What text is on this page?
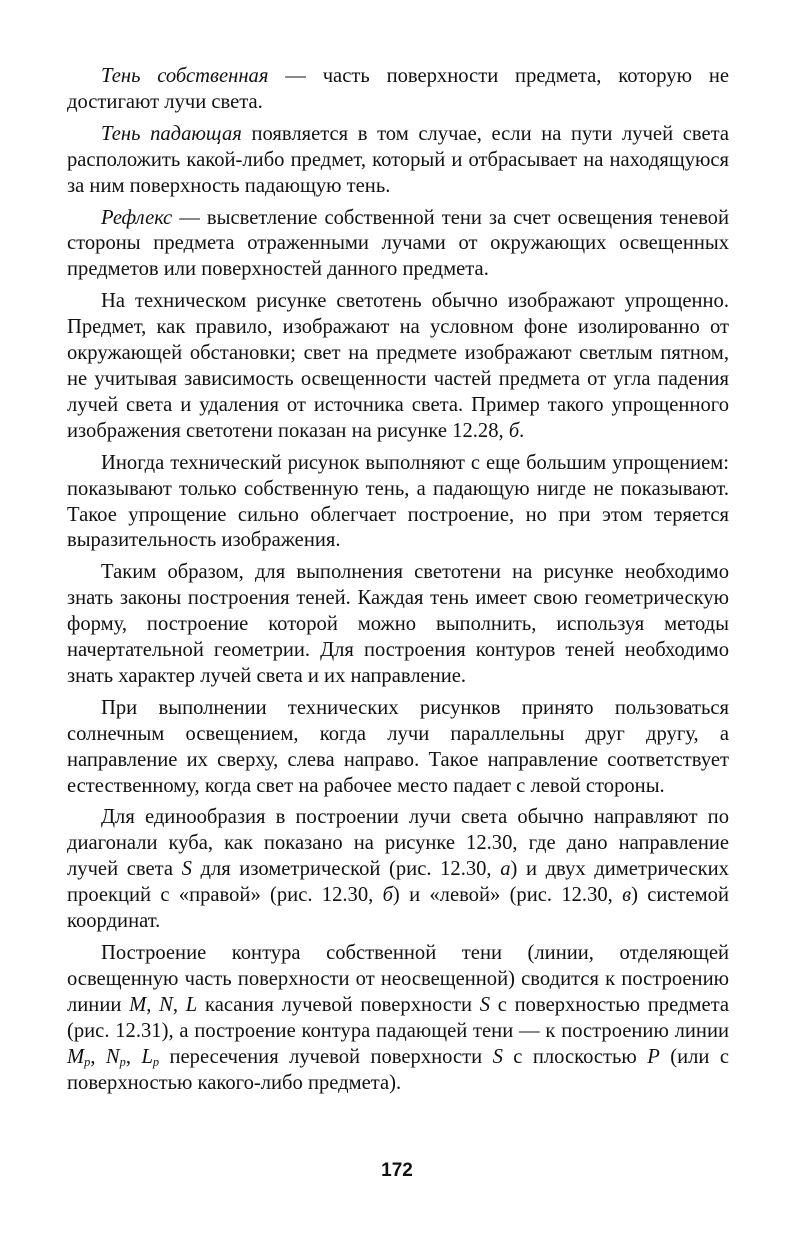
Тень собственная — часть поверхности предмета, которую не достигают лучи света.

Тень падающая появляется в том случае, если на пути лучей света расположить какой-либо предмет, который и отбрасывает на находящуюся за ним поверхность падающую тень.

Рефлекс — высветление собственной тени за счет освещения теневой стороны предмета отраженными лучами от окружающих освещенных предметов или поверхностей данного предмета.

На техническом рисунке светотень обычно изображают упрощенно. Предмет, как правило, изображают на условном фоне изолированно от окружающей обстановки; свет на предмете изображают светлым пятном, не учитывая зависимость освещенности частей предмета от угла падения лучей света и удаления от источника света. Пример такого упрощенного изображения светотени показан на рисунке 12.28, б.

Иногда технический рисунок выполняют с еще большим упрощением: показывают только собственную тень, а падающую нигде не показывают. Такое упрощение сильно облегчает построение, но при этом теряется выразительность изображения.

Таким образом, для выполнения светотени на рисунке необходимо знать законы построения теней. Каждая тень имеет свою геометрическую форму, построение которой можно выполнить, используя методы начертательной геометрии. Для построения контуров теней необходимо знать характер лучей света и их направление.

При выполнении технических рисунков принято пользоваться солнечным освещением, когда лучи параллельны друг другу, а направление их сверху, слева направо. Такое направление соответствует естественному, когда свет на рабочее место падает с левой стороны.

Для единообразия в построении лучи света обычно направляют по диагонали куба, как показано на рисунке 12.30, где дано направление лучей света S для изометрической (рис. 12.30, а) и двух диметрических проекций с «правой» (рис. 12.30, б) и «левой» (рис. 12.30, в) системой координат.

Построение контура собственной тени (линии, отделяющей освещенную часть поверхности от неосвещенной) сводится к построению линии M, N, L касания лучевой поверхности S с поверхностью предмета (рис. 12.31), а построение контура падающей тени — к построению линии $M_p$, $N_p$, $L_p$ пересечения лучевой поверхности S с плоскостью P (или с поверхностью какого-либо предмета).

172
